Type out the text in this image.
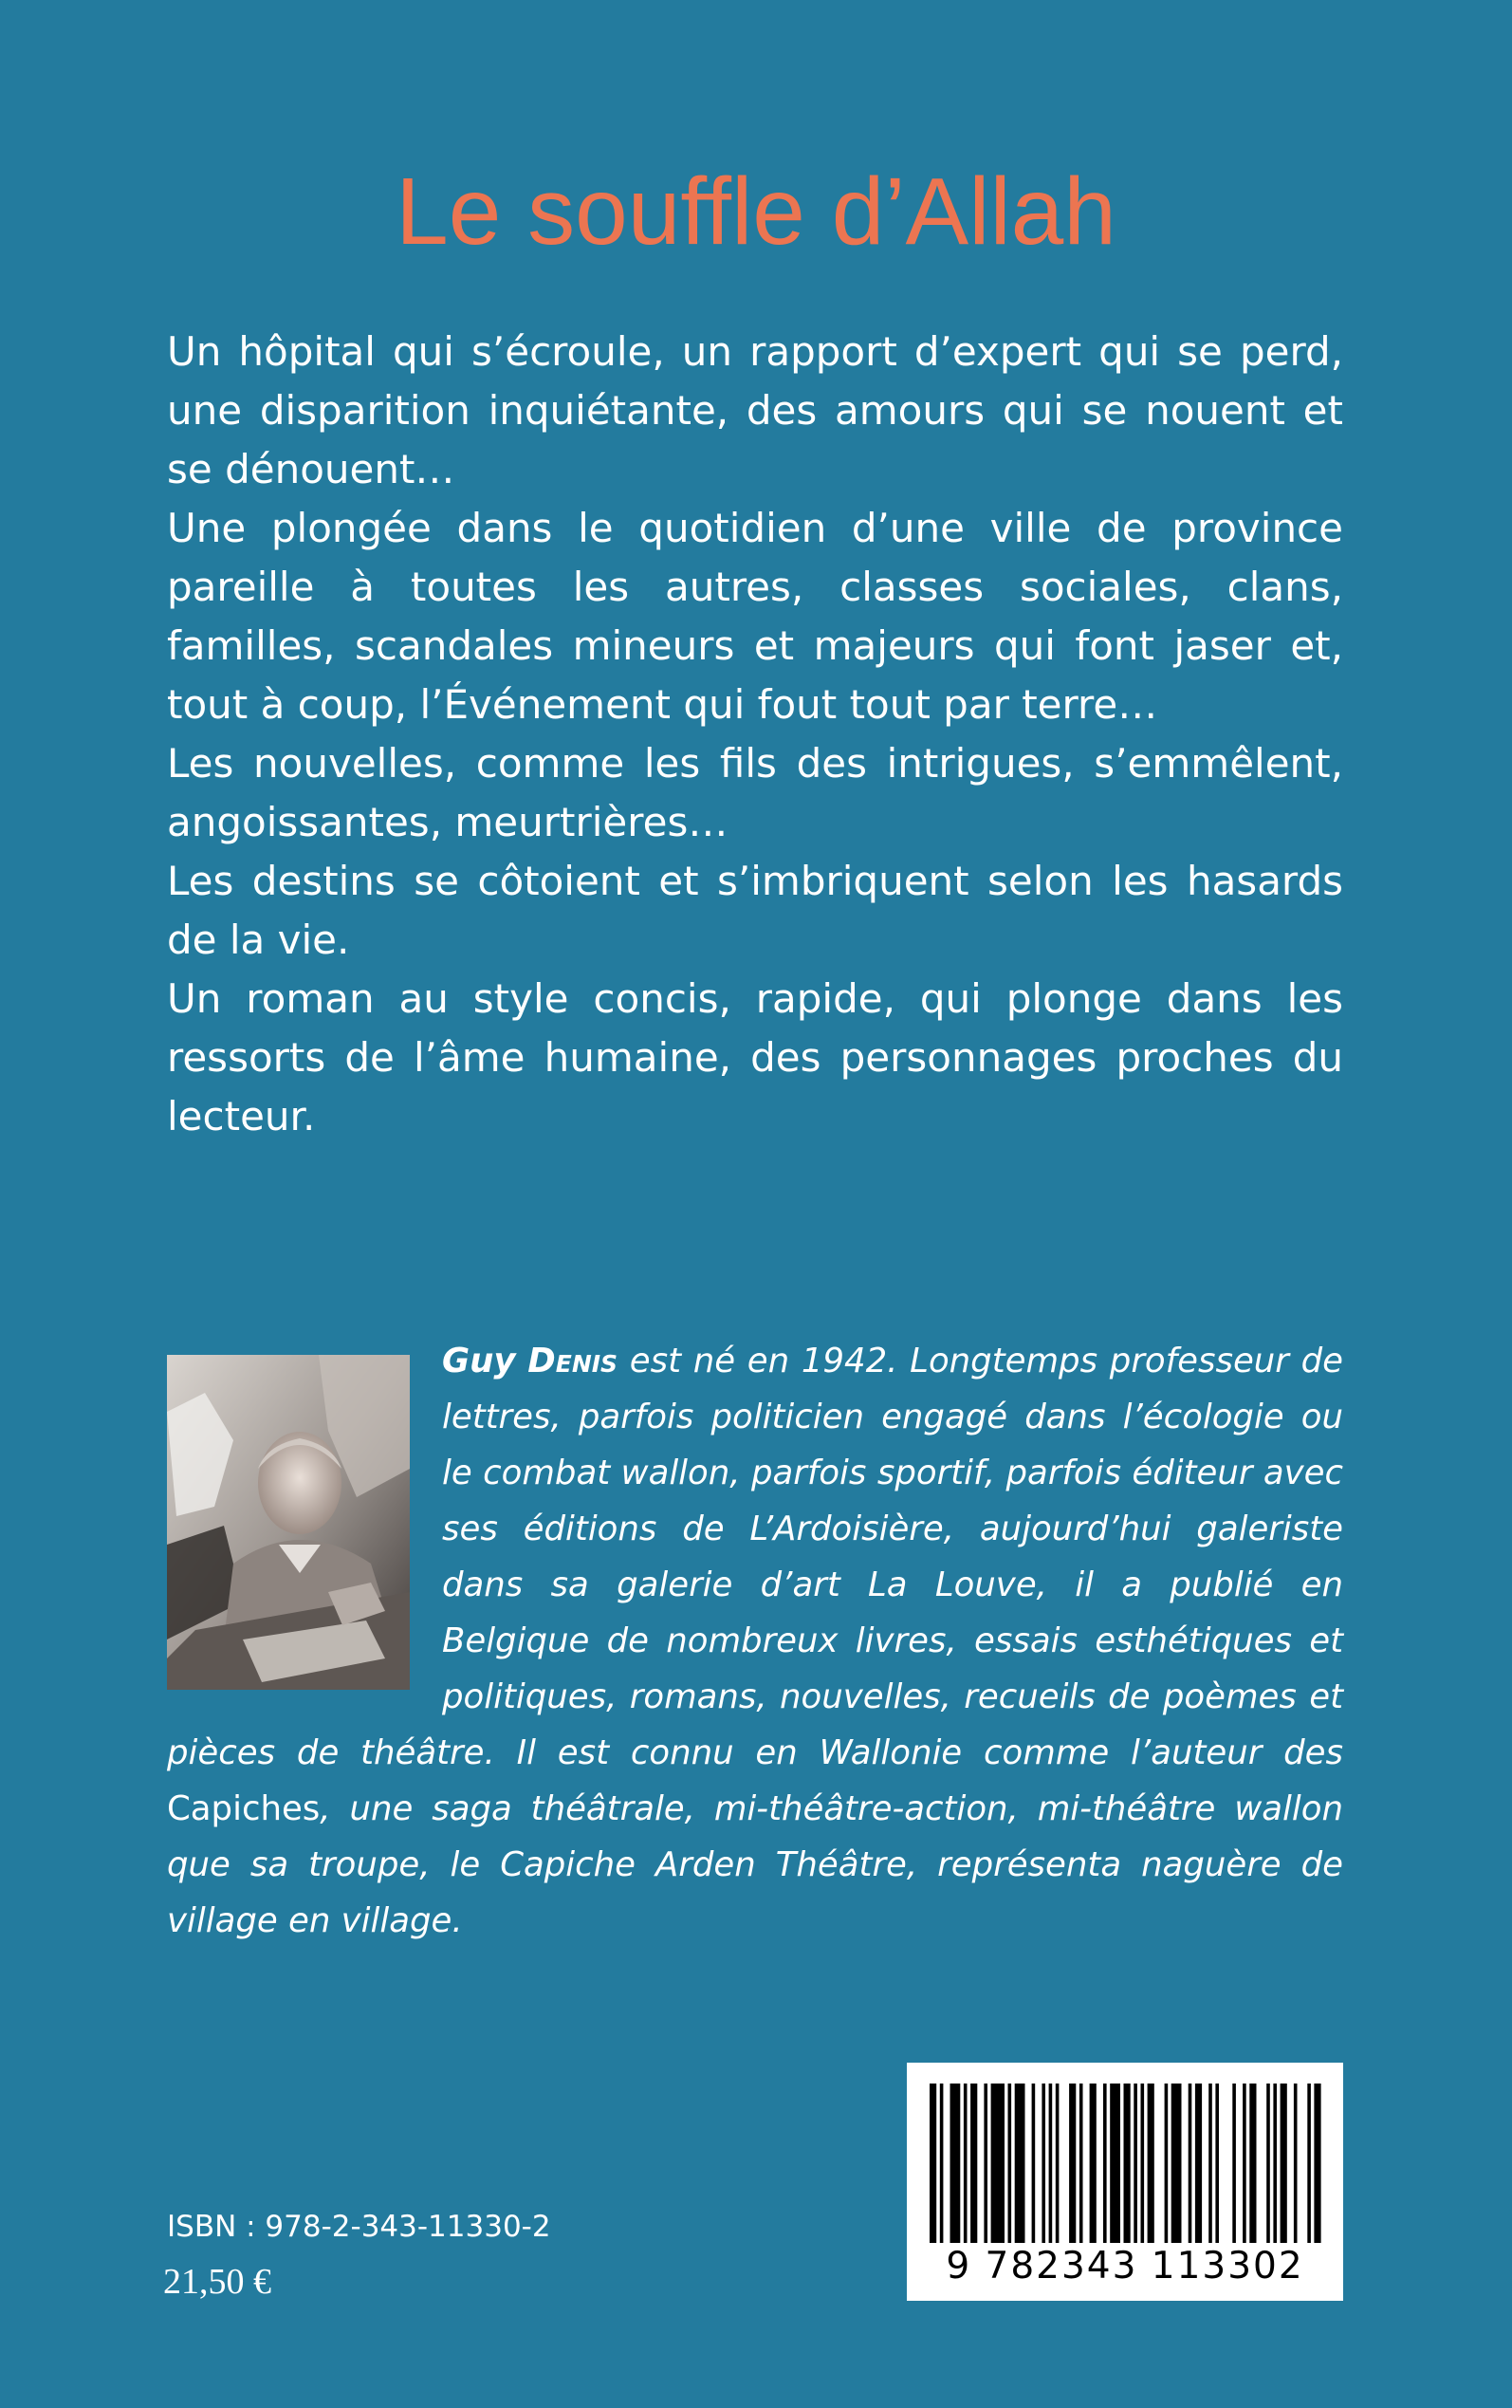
Le souffle d’Allah

Un hôpital qui s’écroule, un rapport d’expert qui se perd, une disparition inquiétante, des amours qui se nouent et se dénouent…

Une plongée dans le quotidien d’une ville de province pareille à toutes les autres, classes sociales, clans, familles, scandales mineurs et majeurs qui font jaser et, tout à coup, l’Événement qui fout tout par terre…

Les nouvelles, comme les fils des intrigues, s’emmêlent, angoissantes, meurtrières…

Les destins se côtoient et s’imbriquent selon les hasards de la vie.

Un roman au style concis, rapide, qui plonge dans les ressorts de l’âme humaine, des personnages proches du lecteur.

Guy Denis est né en 1942. Longtemps professeur de lettres, parfois politicien engagé dans l’écologie ou le combat wallon, parfois sportif, parfois éditeur avec ses éditions de L’Ardoisière, aujourd’hui galeriste dans sa galerie d’art La Louve, il a publié en Belgique de nombreux livres, essais esthétiques et politiques, romans, nouvelles, recueils de poèmes et pièces de théâtre. Il est connu en Wallonie comme l’auteur des Capiches, une saga théâtrale, mi-théâtre-action, mi-théâtre wallon que sa troupe, le Capiche Arden Théâtre, représenta naguère de village en village.

ISBN : 978-2-343-11330-2
21,50 €	9 782343 113302
